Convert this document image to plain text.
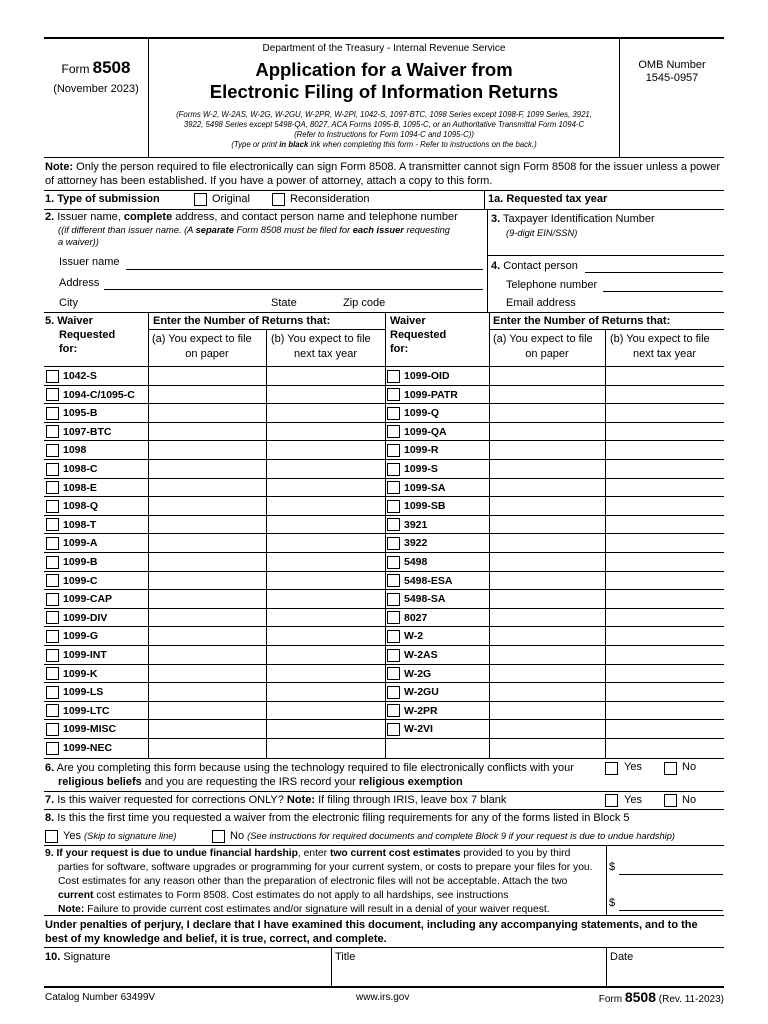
Form 8508
(November 2023)
Department of the Treasury - Internal Revenue Service
Application for a Waiver from
Electronic Filing of Information Returns
(Forms W-2, W-2AS, W-2G, W-2GU, W-2PR, W-2PI, 1042-S, 1097-BTC, 1098 Series except 1098-F, 1099 Series, 3921,
3922, 5498 Series except 5498-QA, 8027, ACA Forms 1095-B, 1095-C, or an Authoritative Transmittal Form 1094-C
(Refer to Instructions for Form 1094-C and 1095-C))
(Type or print in black ink when completing this form - Refer to instructions on the back.)
OMB Number
1545-0957
Note: Only the person required to file electronically can sign Form 8508. A transmitter cannot sign Form 8508 for the issuer unless a power of attorney has been established. If you have a power of attorney, attach a copy to this form.
1. Type of submission	Original	Reconsideration	1a. Requested tax year
2. Issuer name, complete address, and contact person name and telephone number
((if different than issuer name. (A separate Form 8508 must be filed for each issuer requesting
a waiver))
Issuer name
Address
City	State	Zip code
3. Taxpayer Identification Number
(9-digit EIN/SSN)
4. Contact person
Telephone number
Email address
5. Waiver
Requested
for:
Enter the Number of Returns that:
(a) You expect to file
on paper
(b) You expect to file
next tax year
Waiver
Requested
for:
Enter the Number of Returns that:
(a) You expect to file
on paper
(b) You expect to file
next tax year
1042-S	1099-OID
1094-C/1095-C	1099-PATR
1095-B	1099-Q
1097-BTC	1099-QA
1098	1099-R
1098-C	1099-S
1098-E	1099-SA
1098-Q	1099-SB
1098-T	3921
1099-A	3922
1099-B	5498
1099-C	5498-ESA
1099-CAP	5498-SA
1099-DIV	8027
1099-G	W-2
1099-INT	W-2AS
1099-K	W-2G
1099-LS	W-2GU
1099-LTC	W-2PR
1099-MISC	W-2VI
1099-NEC
6. Are you completing this form because using the technology required to file electronically conflicts with your
religious beliefs and you are requesting the IRS record your religious exemption
Yes	No
7. Is this waiver requested for corrections ONLY? Note: If filing through IRIS, leave box 7 blank	Yes	No
8. Is this the first time you requested a waiver from the electronic filing requirements for any of the forms listed in Block 5
Yes (Skip to signature line)	No (See instructions for required documents and complete Block 9 if your request is due to undue hardship)
9. If your request is due to undue financial hardship, enter two current cost estimates provided to you by third
parties for software, software upgrades or programming for your current system, or costs to prepare your files for you.
Cost estimates for any reason other than the preparation of electronic files will not be acceptable. Attach the two
current cost estimates to Form 8508. Cost estimates do not apply to all hardships, see instructions
Note: Failure to provide current cost estimates and/or signature will result in a denial of your waiver request.
$
$
Under penalties of perjury, I declare that I have examined this document, including any accompanying statements, and to the
best of my knowledge and belief, it is true, correct, and complete.
10. Signature	Title	Date
Catalog Number 63499V	www.irs.gov	Form 8508 (Rev. 11-2023)
